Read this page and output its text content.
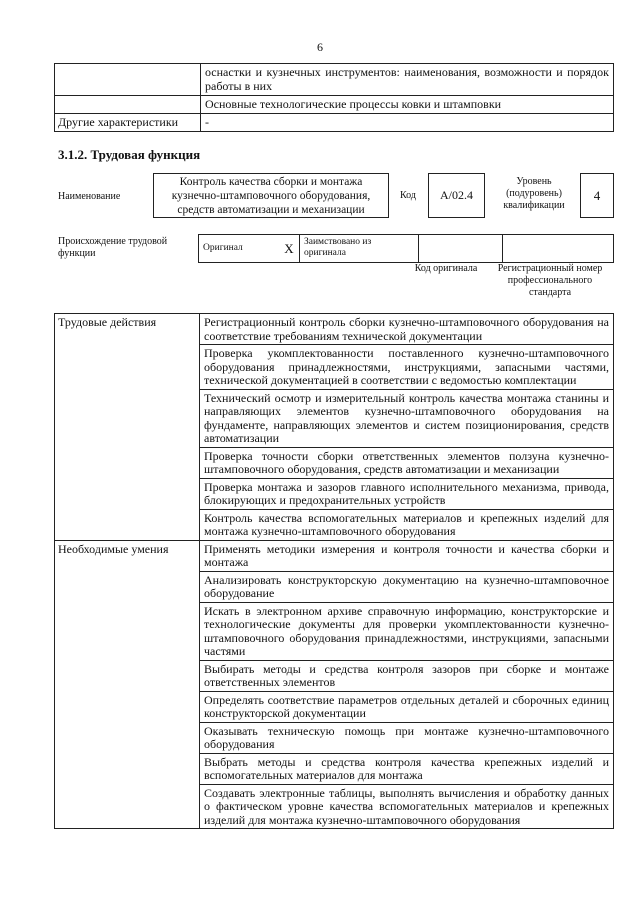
6
	оснастки и кузнечных инструментов: наименования, возможности и порядок работы в них
	Основные технологические процессы ковки и штамповки
Другие характеристики	-
3.1.2. Трудовая функция
Наименование
Контроль качества сборки и монтажа кузнечно-штамповочного оборудования, средств автоматизации и механизации
Код	A/02.4
Уровень (подуровень) квалификации
4
Происхождение трудовой функции
Оригинал	X	Заимствовано из оригинала		
Код оригинала	Регистрационный номер профессионального стандарта
Трудовые действия	Регистрационный контроль сборки кузнечно-штамповочного оборудования на соответствие требованиям технической документации
	Проверка укомплектованности поставленного кузнечно-штамповочного оборудования принадлежностями, инструкциями, запасными частями, технической документацией в соответствии с ведомостью комплектации
	Технический осмотр и измерительный контроль качества монтажа станины и направляющих элементов кузнечно-штамповочного оборудования на фундаменте, направляющих элементов и систем позиционирования, средств автоматизации
	Проверка точности сборки ответственных элементов ползуна кузнечно-штамповочного оборудования, средств автоматизации и механизации
	Проверка монтажа и зазоров главного исполнительного механизма, привода, блокирующих и предохранительных устройств
	Контроль качества вспомогательных материалов и крепежных изделий для монтажа кузнечно-штамповочного оборудования
Необходимые умения	Применять методики измерения и контроля точности и качества сборки и монтажа
	Анализировать конструкторскую документацию на кузнечно-штамповочное оборудование
	Искать в электронном архиве справочную информацию, конструкторские и технологические документы для проверки укомплектованности кузнечно-штамповочного оборудования принадлежностями, инструкциями, запасными частями
	Выбирать методы и средства контроля зазоров при сборке и монтаже ответственных элементов
	Определять соответствие параметров отдельных деталей и сборочных единиц конструкторской документации
	Оказывать техническую помощь при монтаже кузнечно-штамповочного оборудования
	Выбрать методы и средства контроля качества крепежных изделий и вспомогательных материалов для монтажа
	Создавать электронные таблицы, выполнять вычисления и обработку данных о фактическом уровне качества вспомогательных материалов и крепежных изделий для монтажа кузнечно-штамповочного оборудования
